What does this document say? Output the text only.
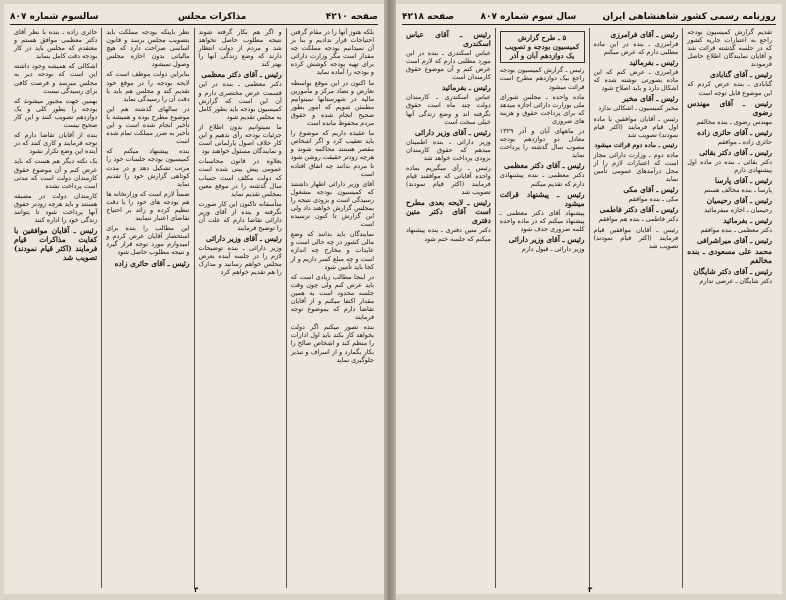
صفحه ۴۲۱۰
مذاکرات مجلس
سالسوم شماره ۸۰۷

بلکه هنوز آنها را در مقام گرفتن احتیاجات قرار ندادیم و بنا بر آن نمیدانیم بودجه مملکت چه مقدار است مگر وزارت دارائی برای تهیه بودجه کوشش کرده و بودجه را آماده نماید

ما اکنون در این موقع بواسطه تعارض و تضاد مرکز و مأمورین مالیه در شهرستانها نمیتوانیم مطمئن شویم که امور بطور صحیح انجام شده و حقوق مردم محفوظ مانده است

ما عقیده داریم که موضوع را باید تعقیب کرد و اگر اشخاص مقصر هستند محاکمه شوند و هرچه زودتر حقیقت روشن شود تا مردم بدانند چه اتفاق افتاده است

آقای وزیر دارائی اظهار داشتند که کمیسیون بودجه مشغول رسیدگی است و بزودی نتیجه را بمجلس گزارش خواهند داد ولی این گزارش تا کنون نرسیده است

نمایندگان باید بدانند که وضع مالی کشور در چه حالی است و عایدات و مخارج چه اندازه است و چه مبلغ کسر داریم و از کجا باید تأمین شود

در اینجا مطالب زیادی است که باید عرض کنم ولی چون وقت جلسه محدود است به همین مقدار اکتفا میکنم و از آقایان تقاضا دارم که بموضوع توجه فرمایند

بنده تصور میکنم اگر دولت بخواهد کار بکند باید اول ادارات را منظم کند و اشخاص صالح را بکار بگمارد و از اسراف و تبذیر جلوگیری نماید

و اگر هم بکار گرفته شوند نتیجه مطلوب حاصل نخواهد شد و مردم از دولت انتظار دارند که وضع زندگی آنها را بهتر کند

رئیس ـ آقای دکتر معظمی

دکتر معظمی ـ بنده در این قسمت عرض مختصری دارم و آن این است که گزارش کمیسیون بودجه باید بطور کامل به مجلس تقدیم شود

ما نمیتوانیم بدون اطلاع از جزئیات بودجه رأی بدهیم و این کار خلاف اصول پارلمانی است و نمایندگان مسئول خواهند بود

بعلاوه در قانون محاسبات عمومی پیش بینی شده است که دولت مکلف است حساب سال گذشته را در موقع معین بمجلس تقدیم نماید

متأسفانه تاکنون این کار صورت نگرفته و بنده از آقای وزیر دارائی تقاضا دارم که علت آن را توضیح فرمایند

رئیس ـ آقای وزیر دارائی

وزیر دارائی ـ بنده توضیحات لازم را در جلسه آینده بعرض مجلس خواهم رسانید و مدارک را هم تقدیم خواهم کرد

نظر باینکه بودجه مملکت باید بتصویب مجلس برسد و قانون اساسی صراحت دارد که هیچ مالیاتی بدون اجازه مجلس وصول نمیشود

بنابراین دولت موظف است که لایحه بودجه را در موقع خود تقدیم کند و مجلس هم باید با دقت آن را رسیدگی نماید

در سالهای گذشته هم این موضوع مطرح بوده و همیشه با تأخیر انجام شده است و این تأخیر به ضرر مملکت تمام شده است

بنده پیشنهاد میکنم که کمیسیون بودجه جلسات خود را مرتب تشکیل دهد و در مدت کوتاهی گزارش خود را تقدیم نماید

ضمناً لازم است که وزارتخانه ها هم بودجه های خود را با دقت تنظیم کرده و زائد بر احتیاج تقاضای اعتبار ننمایند

این مطالب را بنده برای استحضار آقایان عرض کردم و امیدوارم مورد توجه قرار گیرد و نتیجه مطلوب حاصل شود

رئیس ـ آقای حائری زاده

حائری زاده ـ بنده با نظر آقای دکتر معظمی موافق هستم و معتقدم که مجلس باید در کار بودجه دقت کامل بنماید

اشکالی که همیشه وجود داشته این است که بودجه دیر به مجلس میرسد و فرصت کافی برای رسیدگی نیست

بهمین جهت مجبور میشوند که بودجه را بطور کلی و یک دوازدهم تصویب کنند و این کار صحیح نیست

بنده از آقایان تقاضا دارم که توجه فرمایند و کاری کنند که در آینده این وضع تکرار نشود

یک نکته دیگر هم هست که باید عرض کنم و آن موضوع حقوق کارمندان دولت است که مدتی است پرداخت نشده

کارمندان دولت در مضیقه هستند و باید هرچه زودتر حقوق آنها پرداخت شود تا بتوانند زندگی خود را اداره کنند

رئیس ـ آقایان موافقین با کفایت مذاکرات قیام فرمایند (اکثر قیام نمودند) تصویب شد
۳
روزنامه رسمی کشور شاهنشاهی ایران
سال سوم شماره ۸۰۷
صفحه ۴۲۱۸

تقدیم گزارش کمیسیون بودجه راجع به اعتبارات جاریه کشور که در جلسه گذشته قرائت شد و آقایان نمایندگان اطلاع حاصل فرمودند

رئیس ـ آقای گنابادی
گنابادی ـ بنده عرض کردم که این موضوع قابل توجه است
رئیس ـ آقای مهندس رضوی
مهندس رضوی ـ بنده مخالفم
رئیس ـ آقای حائری زاده
حائری زاده ـ موافقم
رئیس ـ آقای دکتر بقائی
دکتر بقائی ـ بنده در ماده اول پیشنهادی دارم
رئیس ـ آقای پارسا
پارسا ـ بنده مخالف هستم
رئیس ـ آقای رحیمیان
رحیمیان ـ اجازه میفرمائید
رئیس ـ بفرمائید
دکتر معظمی ـ بنده موافقم
رئیس ـ آقای میراشرافی
محمد علی مسعودی ـ بنده مخالفم
رئیس ـ آقای دکتر شایگان
دکتر شایگان ـ عرضی ندارم
رئیس ـ آقای فرامرزی

فرامرزی ـ بنده در این ماده مطلبی دارم که عرض میکنم

رئیس ـ بفرمائید

فرامرزی ـ عرض کنم که این ماده بصورتی نوشته شده که اشکال دارد و باید اصلاح شود

رئیس ـ آقای مخبر
مخبر کمیسیون ـ اشکالی ندارد

رئیس ـ آقایان موافقین با ماده اول قیام فرمایند (اکثر قیام نمودند) تصویب شد

رئیس ـ ماده دوم قرائت میشود

ماده دوم ـ وزارت دارائی مجاز است که اعتبارات لازم را از محل درآمدهای عمومی تأمین نماید

رئیس ـ آقای مکی
مکی ـ بنده موافقم
رئیس ـ آقای دکتر فاطمی
دکتر فاطمی ـ بنده هم موافقم

رئیس ـ آقایان موافقین قیام فرمایند (اکثر قیام نمودند) تصویب شد

۵ ـ طرح گزارش کمیسیون بودجه و تصویب یک دوازدهم آبان و آذر

رئیس ـ گزارش کمیسیون بودجه راجع بیک دوازدهم مطرح است قرائت میشود

ماده واحده ـ مجلس شورای ملی بوزارت دارائی اجازه میدهد که برای پرداخت حقوق و هزینه های ضروری

در ماههای آبان و آذر ۱۳۲۹ معادل دو دوازدهم بودجه مصوب سال گذشته را پرداخت نماید

رئیس ـ آقای دکتر معظمی

دکتر معظمی ـ بنده پیشنهادی دارم که تقدیم میکنم

رئیس ـ پیشنهاد قرائت میشود

پیشنهاد آقای دکتر معظمی ـ پیشنهاد میکنم که در ماده واحده کلمه ضروری حذف شود

رئیس ـ آقای وزیر دارائی
وزیر دارائی ـ قبول دارم
رئیس ـ آقای عباس اسکندری

عباس اسکندری ـ بنده در این مورد مطلبی دارم که لازم است عرض کنم و آن موضوع حقوق کارمندان است

رئیس ـ بفرمائید

عباس اسکندری ـ کارمندان دولت چند ماه است حقوق نگرفته اند و وضع زندگی آنها خیلی سخت است

رئیس ـ آقای وزیر دارائی

وزیر دارائی ـ بنده اطمینان میدهم که حقوق کارمندان بزودی پرداخت خواهد شد

رئیس ـ رأی میگیریم بماده واحده آقایانی که موافقند قیام فرمایند (اکثر قیام نمودند) تصویب شد

رئیس ـ لایحه بعدی مطرح است آقای دکتر متین دفتری

دکتر متین دفتری ـ بنده پیشنهاد میکنم که جلسه ختم شود

۳
